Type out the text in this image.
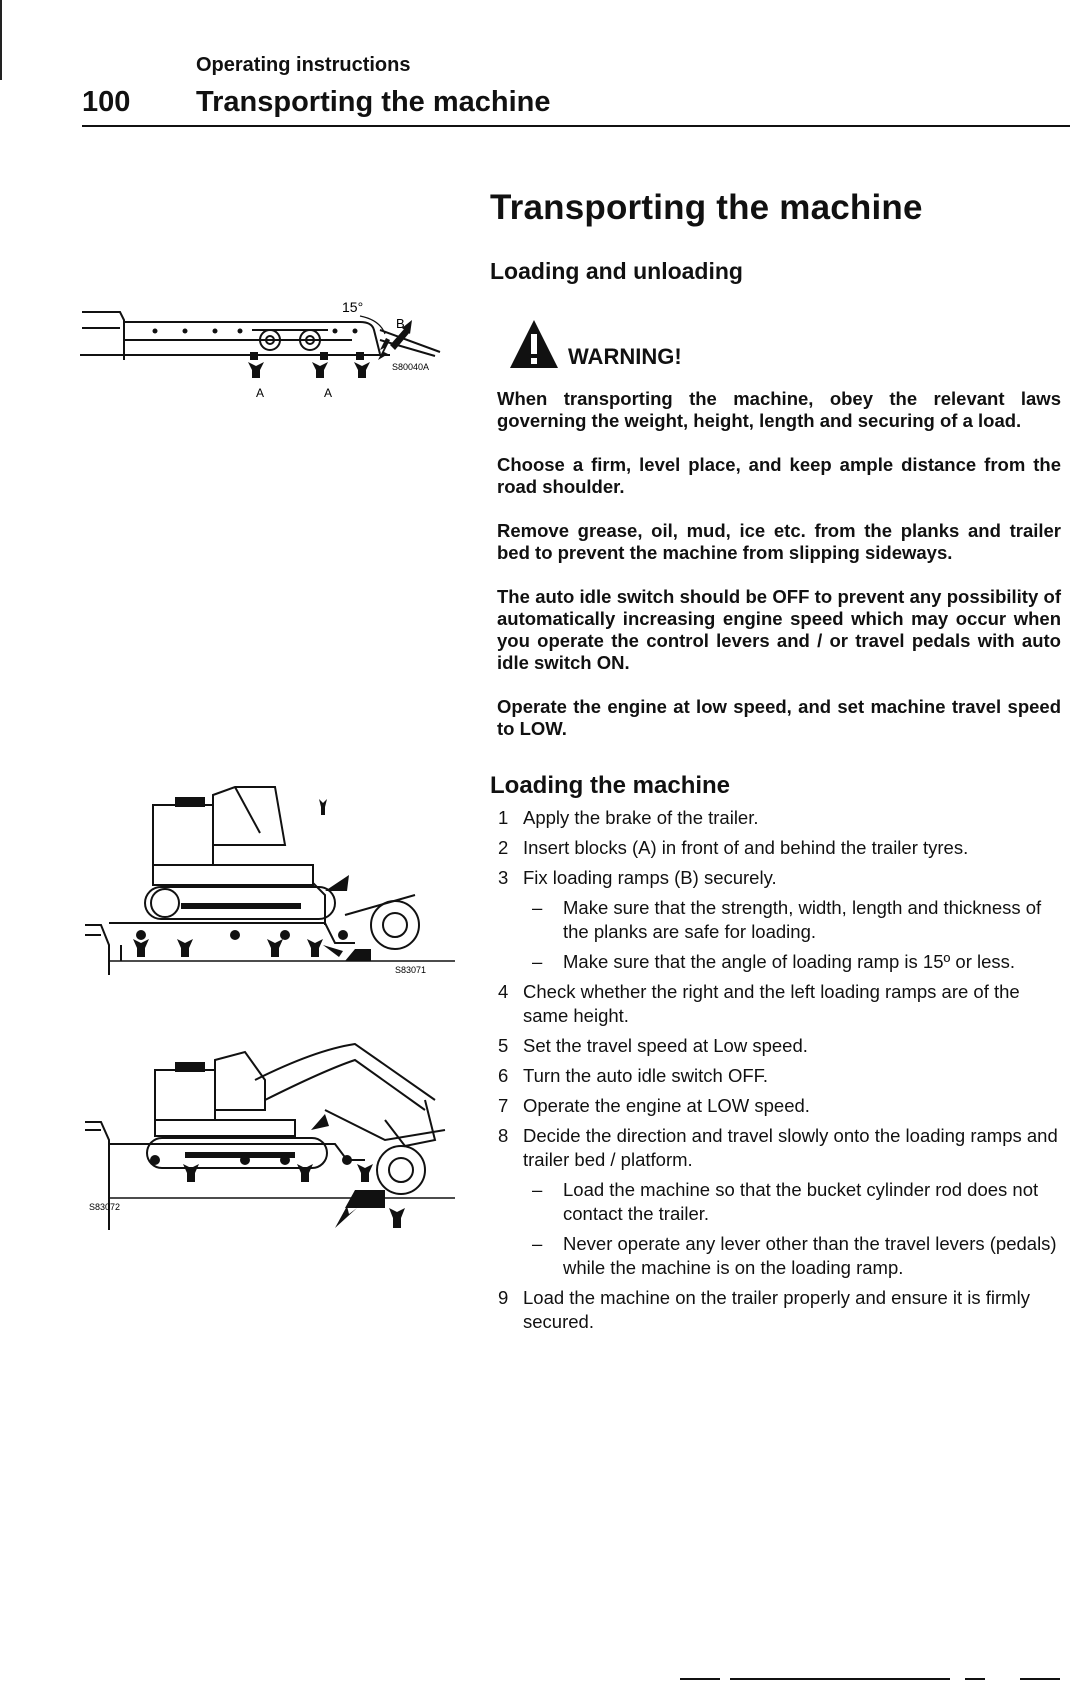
Operating instructions
100 Transporting the machine
Transporting the machine
Loading and unloading
15°
B
A	A
S80040A	WARNING!

When transporting the machine, obey the relevant laws governing the weight, height, length and securing of a load.

Choose a firm, level place, and keep ample distance from the road shoulder.

Remove grease, oil, mud, ice etc. from the planks and trailer bed to prevent the machine from slipping sideways.

The auto idle switch should be OFF to prevent any possibility of automatically increasing engine speed which may occur when you operate the control levers and / or travel pedals with auto idle switch ON.

Operate the engine at low speed, and set machine travel speed to LOW.

S83071
S83072
Loading the machine
1 Apply the brake of the trailer.
2 Insert blocks (A) in front of and behind the trailer tyres.
3 Fix loading ramps (B) securely.
–	Make sure that the strength, width, length and thickness of the planks are safe for loading.
–	Make sure that the angle of loading ramp is 15º or less.
4 Check whether the right and the left loading ramps are of the same height.
5 Set the travel speed at Low speed.
6 Turn the auto idle switch OFF.
7 Operate the engine at LOW speed.
8 Decide the direction and travel slowly onto the loading ramps and trailer bed / platform.
–	Load the machine so that the bucket cylinder rod does not contact the trailer.
–	Never operate any lever other than the travel levers (pedals) while the machine is on the loading ramp.
9 Load the machine on the trailer properly and ensure it is firmly secured.
